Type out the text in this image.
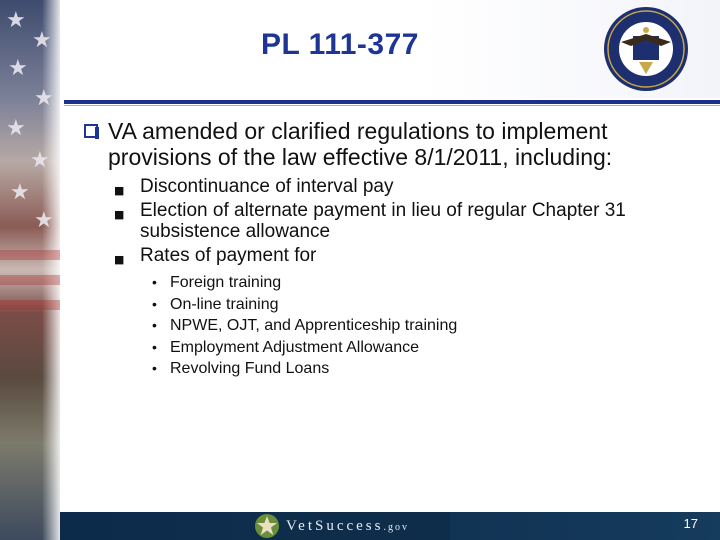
★
★
★
★
★
★
★
★
PL 111-377
VA amended or clarified regulations to implement provisions of the law effective 8/1/2011, including:
■ Discontinuance of interval pay
■ Election of alternate payment in lieu of regular Chapter 31 subsistence allowance
■ Rates of payment for
• Foreign training
• On-line training
• NPWE, OJT, and Apprenticeship training
• Employment Adjustment Allowance
• Revolving Fund Loans
VetSuccess.gov	17
